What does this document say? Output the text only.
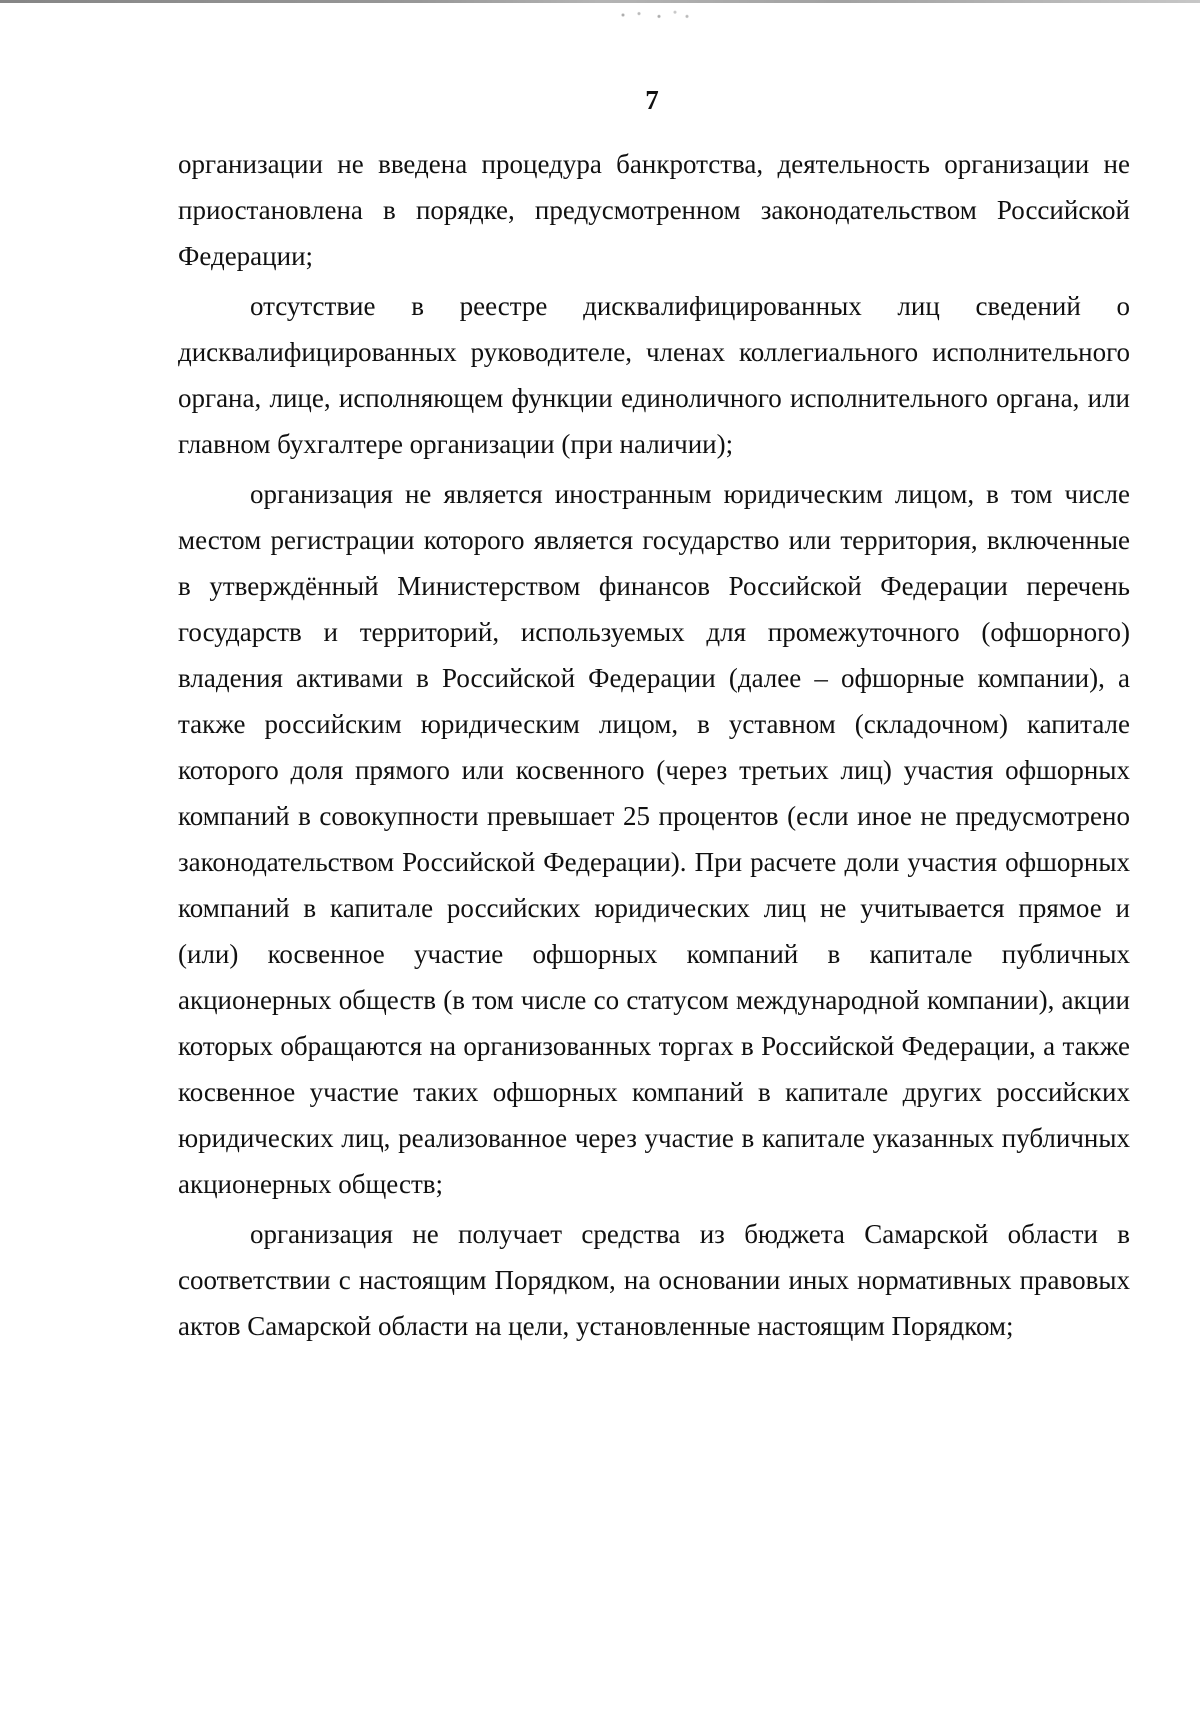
7

организации не введена процедура банкротства, деятельность организации не приостановлена в порядке, предусмотренном законодательством Российской Федерации;

отсутствие в реестре дисквалифицированных лиц сведений о дисквалифицированных руководителе, членах коллегиального исполнительного органа, лице, исполняющем функции единоличного исполнительного органа, или главном бухгалтере организации (при наличии);

организация не является иностранным юридическим лицом, в том числе местом регистрации которого является государство или территория, включенные в утверждённый Министерством финансов Российской Федерации перечень государств и территорий, используемых для промежуточного (офшорного) владения активами в Российской Федерации (далее – офшорные компании), а также российским юридическим лицом, в уставном (складочном) капитале которого доля прямого или косвенного (через третьих лиц) участия офшорных компаний в совокупности превышает 25 процентов (если иное не предусмотрено законодательством Российской Федерации). При расчете доли участия офшорных компаний в капитале российских юридических лиц не учитывается прямое и (или) косвенное участие офшорных компаний в капитале публичных акционерных обществ (в том числе со статусом международной компании), акции которых обращаются на организованных торгах в Российской Федерации, а также косвенное участие таких офшорных компаний в капитале других российских юридических лиц, реализованное через участие в капитале указанных публичных акционерных обществ;

организация не получает средства из бюджета Самарской области в соответствии с настоящим Порядком, на основании иных нормативных правовых актов Самарской области на цели, установленные настоящим Порядком;
